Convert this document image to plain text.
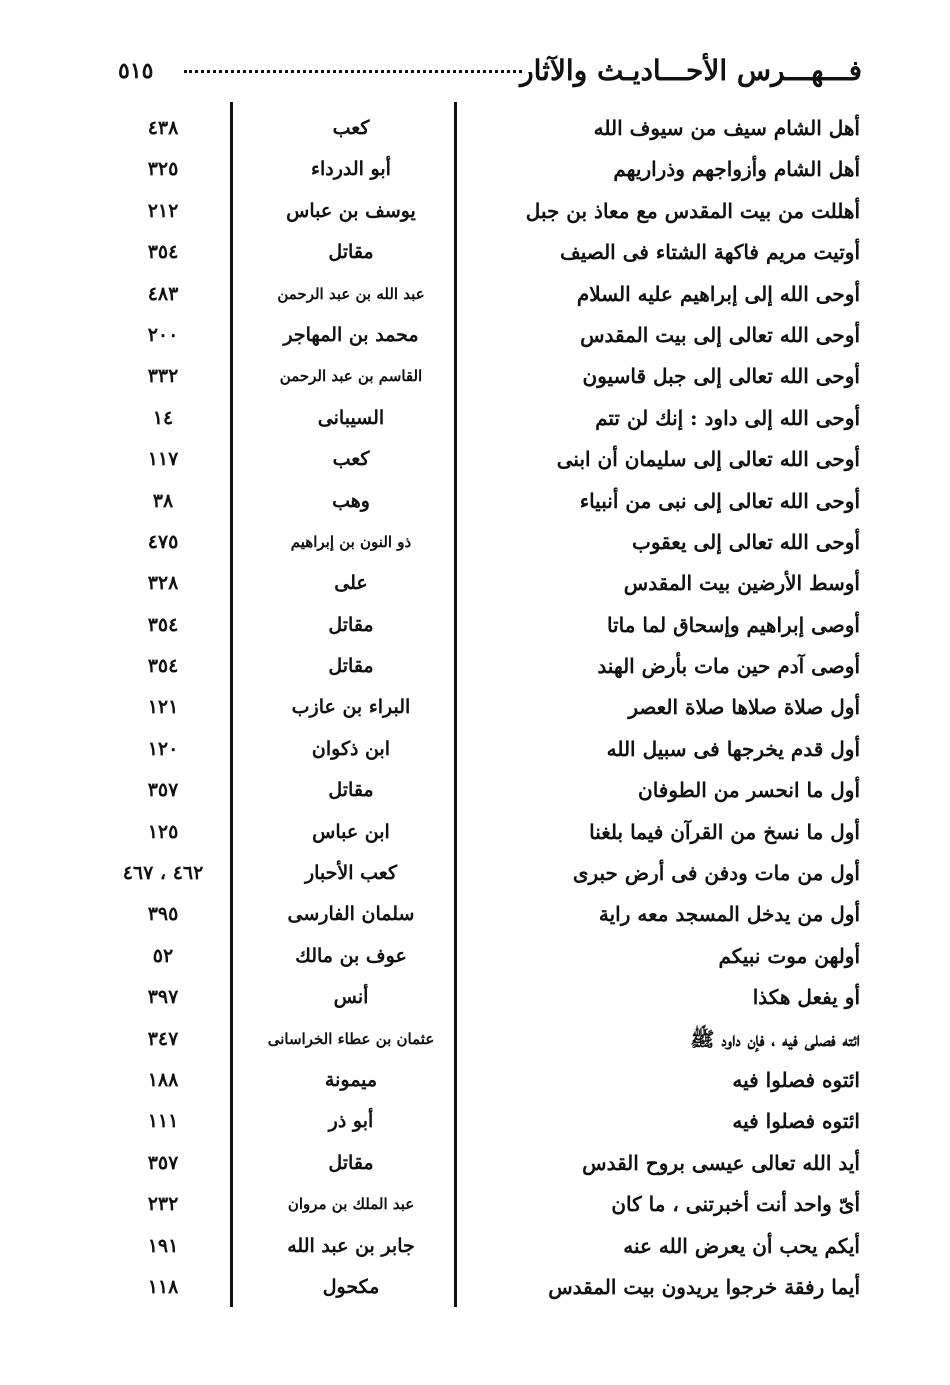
فـــهـــرس الأحـــاديـث والآثار
٥١٥
أهل الشام سيف من سيوف الله
كعب
٤٣٨
أهل الشام وأزواجهم وذراريهم
أبو الدرداء
٣٢٥
أهللت من بيت المقدس مع معاذ بن جبل
يوسف بن عباس
٢١٢
أوتيت مريم فاكهة الشتاء فى الصيف
مقاتل
٣٥٤
أوحى الله إلى إبراهيم عليه السلام
عبد الله بن عبد الرحمن
٤٨٣
أوحى الله تعالى إلى بيت المقدس
محمد بن المهاجر
٢٠٠
أوحى الله تعالى إلى جبل قاسيون
القاسم بن عبد الرحمن
٣٣٢
أوحى الله إلى داود : إنك لن تتم
السيبانى
١٤
أوحى الله تعالى إلى سليمان أن ابنى
كعب
١١٧
أوحى الله تعالى إلى نبى من أنبياء
وهب
٣٨
أوحى الله تعالى إلى يعقوب
ذو النون بن إبراهيم
٤٧٥
أوسط الأرضين بيت المقدس
على
٣٢٨
أوصى إبراهيم وإسحاق لما ماتا
مقاتل
٣٥٤
أوصى آدم حين مات بأرض الهند
مقاتل
٣٥٤
أول صلاة صلاها صلاة العصر
البراء بن عازب
١٢١
أول قدم يخرجها فى سبيل الله
ابن ذكوان
١٢٠
أول ما انحسر من الطوفان
مقاتل
٣٥٧
أول ما نسخ من القرآن فيما بلغنا
ابن عباس
١٢٥
أول من مات ودفن فى أرض حبرى
كعب الأحبار
٤٦٢ ، ٤٦٧
أول من يدخل المسجد معه راية
سلمان الفارسى
٣٩٥
أولهن موت نبيكم
عوف بن مالك
٥٢
أو يفعل هكذا
أنس
٣٩٧
ائته فصلى فيه ، فإن داود ﷺ
عثمان بن عطاء الخراسانى
٣٤٧
ائتوه فصلوا فيه
ميمونة
١٨٨
ائتوه فصلوا فيه
أبو ذر
١١١
أيد الله تعالى عيسى بروح القدس
مقاتل
٣٥٧
أىّ واحد أنت أخبرتنى ، ما كان
عبد الملك بن مروان
٢٣٢
أيكم يحب أن يعرض الله عنه
جابر بن عبد الله
١٩١
أيما رفقة خرجوا يريدون بيت المقدس
مكحول
١١٨
